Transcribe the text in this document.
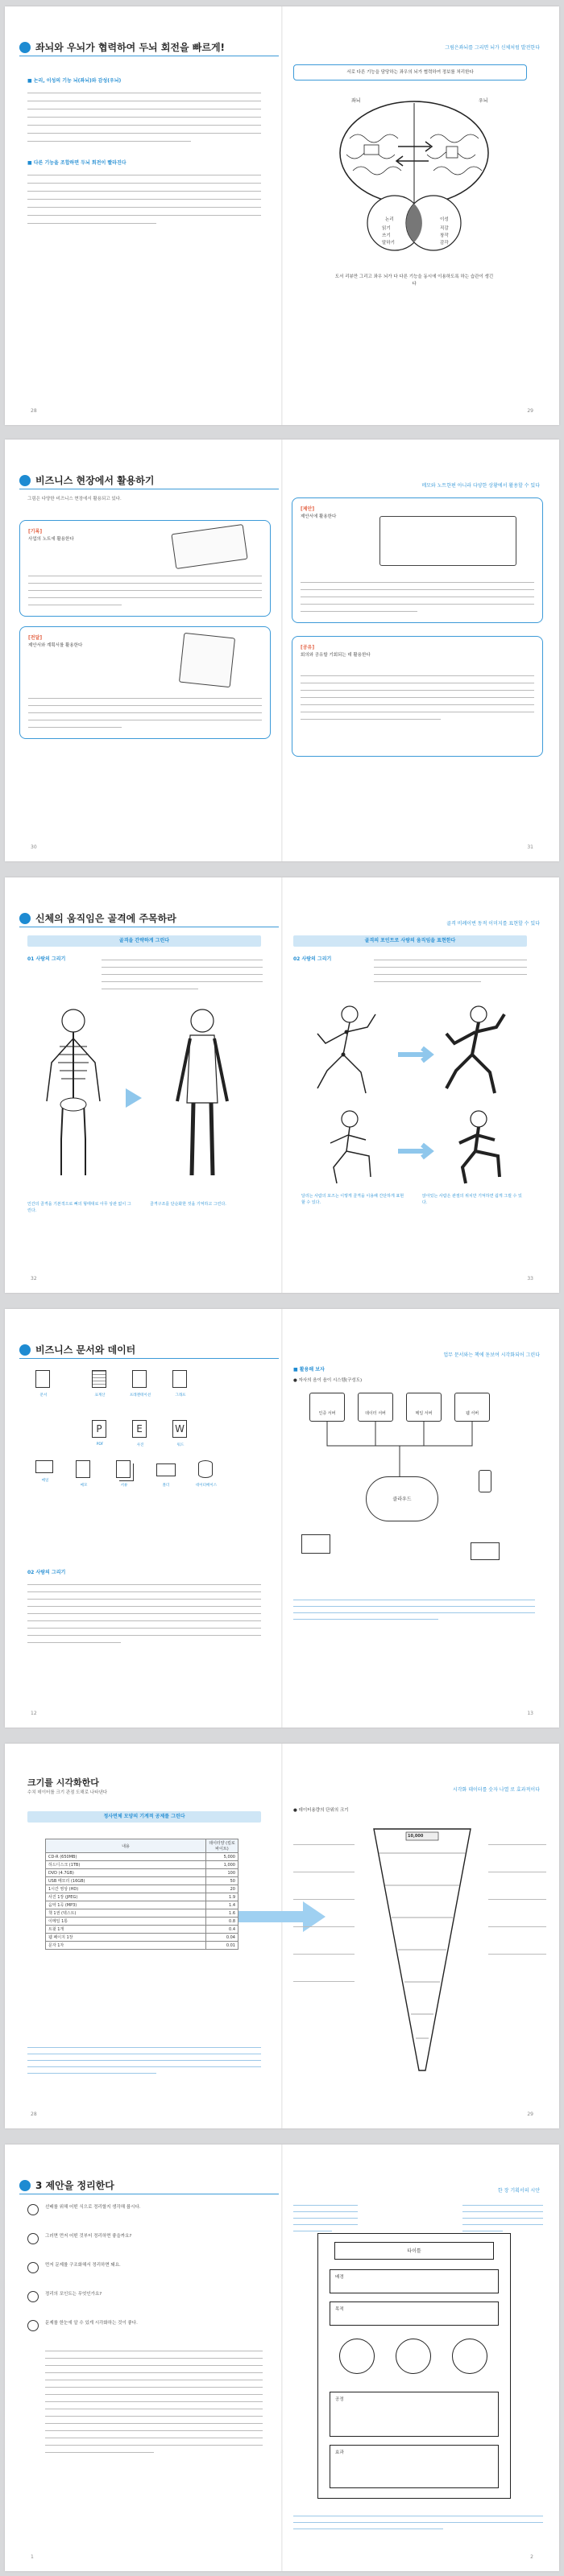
좌뇌와 우뇌가 협력하여 두뇌 회전을 빠르게!
■ 논리, 이성의 기능 뇌(좌뇌)와 감성(우뇌)
■ 다른 기능을 조합하면 두뇌 회전이 빨라진다
28
그림은좌뇌를 그리면 뇌가 신체처럼 발전한다
서로 다른 기능을 담당하는 좌우의 뇌가 협력하여 정보를 처리한다
좌뇌	우뇌
논리	이성
읽기
쓰기
말하기
직감
창작
감각
도서 리뷰만 그리고 좌우 뇌가 다 다른 기능을 동시에 이용하도록 하는 습관이 생긴다
29
비즈니스 현장에서 활용하기
그림은 다양한 비즈니스 현장에서 활용되고 있다.
[기록]
사업의 노트에 활용한다
[전달]
제안서와 계획서를 활용한다
30
메모와 노트한편 아니라 다양한 상황에서 활용할 수 있다
[제안]
제안서에 활용한다
[공유]
회의와 공유할 기회되는 데 활용한다
31
신체의 움직임은 골격에 주목하라
골격을 간략하게 그린다
01 사람의 그리기
인간의 골격을 기본적으로 뼈의 형태대로 아무 상관 없이 그린다.
골격구조를 단순화한 것을 기억하고 그린다.
32
골격 비례이번 동적 이미지를 표현할 수 있다
골격의 포인트로 사람의 움직임을 표현한다
02 사람의 그리기
달리는 사람의 포즈는 이렇게 골격을 이용해 간단하게 표현할 수 있다.
앉아있는 사람은 관절의 위치만 기억하면 쉽게 그릴 수 있다.
33
비즈니스 문서와 데이터
문서	표계산	프레젠테이션	그래프
P
PDF
E
사진
W
워드
메일
메모	서류	폴더	데이터베이스
02 사람의 그리기
12
업무 문서와는 책에 돋보여 시각화되어 그린다
■ 활용해 보자
● 자사의 음이 음이 시스템(구성도)
인증 서버	데이터 서버	메일 서버	웹 서버
클라우드
13
크기를 시각화한다
수치 데이터를 크기 관점 도해로 나타낸다
정사면체 모양의 기계적 공제를 그린다
내용	데이터양 (킬로바이트)
CD-R (650MB)	5,000
하드디스크 (1TB)	1,000
DVD (4.7GB)	100
USB 메모리 (16GB)	50
1시간 영상 (HD)	20
사진 1장 (JPEG)	1.9
음악 1곡 (MP3)	1.4
책 1권 (텍스트)	1.6
이메일 1통	0.8
트윗 1개	0.4
웹 페이지 1장	0.04
문자 1자	0.01
28
시각화 데이터를 숫자 나열 로 효과적이다
● 데이터용량의 단위의 크기
10,000
29
3 제안을 정리한다
선배를 위해 어떤 식으로 정리할지 생각해 봅시다.
그러면 먼저 어떤 것부터 정리하면 좋을까요?
먼저 문제를 구조화해서 정리하면 돼요.
정리의 포인트는 무엇인가요?
문제를 한눈에 알 수 있게 시각화하는 것이 좋다.
1
한 장 기획서의 시안
타이틀
배경
목적
공정
효과
2
